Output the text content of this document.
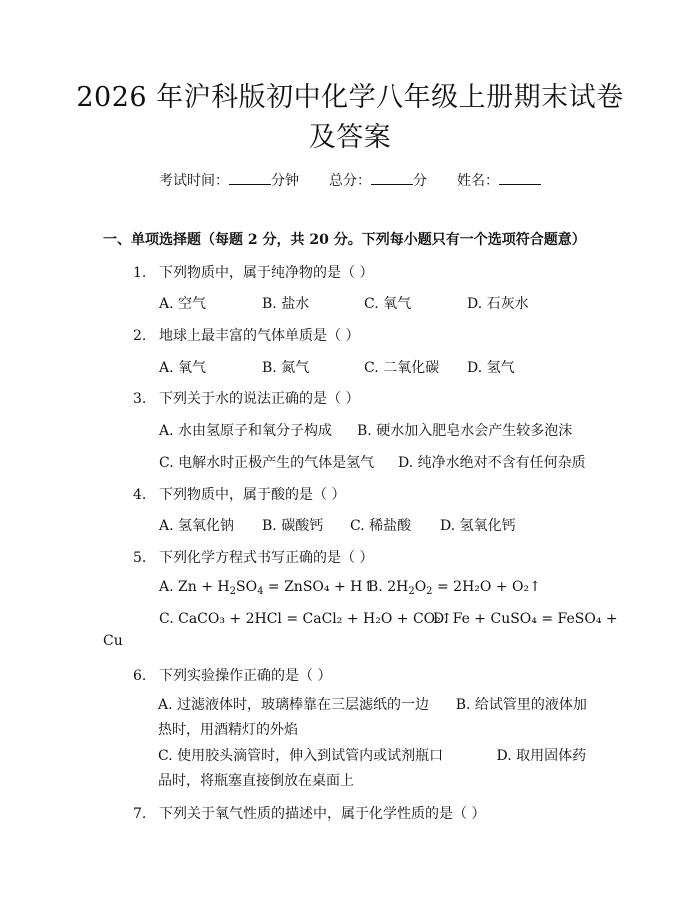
2026 年沪科版初中化学八年级上册期末试卷
及答案
考试时间：	分钟 总分：	分 姓名：
一、单项选择题（每题 2 分，共 20 分。下列每小题只有一个选项符合题意）
1. 下列物质中，属于纯净物的是（ ）
A. 空气	B. 盐水	C. 氧气	D. 石灰水
2. 地球上最丰富的气体单质是（ ）
A. 氧气	B. 氮气	C. 二氧化碳 D. 氢气
3. 下列关于水的说法正确的是（ ）
A. 水由氢原子和氧分子构成 B. 硬水加入肥皂水会产生较多泡沫
C. 电解水时正极产生的气体是氢气 D. 纯净水绝对不含有任何杂质
4. 下列物质中，属于酸的是（ ）
A. 氢氧化钠 B. 碳酸钙 C. 稀盐酸 D. 氢氧化钙
5. 下列化学方程式书写正确的是（ ）
A. $Zn + H_2SO_4$ = ZnSO₄ + H↑
B. $2H_2O_2 = 2H_2O$ + O₂↑
C. CaCO₃ + 2HCl = CaCl₂ + H₂O + CO₂↑
D. Fe + CuSO₄ = FeSO₄ +
Cu
6. 下列实验操作正确的是（ ）
A. 过滤液体时，玻璃棒靠在三层滤纸的一边 B. 给试管里的液体加热时，用酒精灯的外焰
C. 使用胶头滴管时，伸入到试管内或试剂瓶口	D. 取用固体药品时，将瓶塞直接倒放在桌面上
7. 下列关于氧气性质的描述中，属于化学性质的是（ ）
